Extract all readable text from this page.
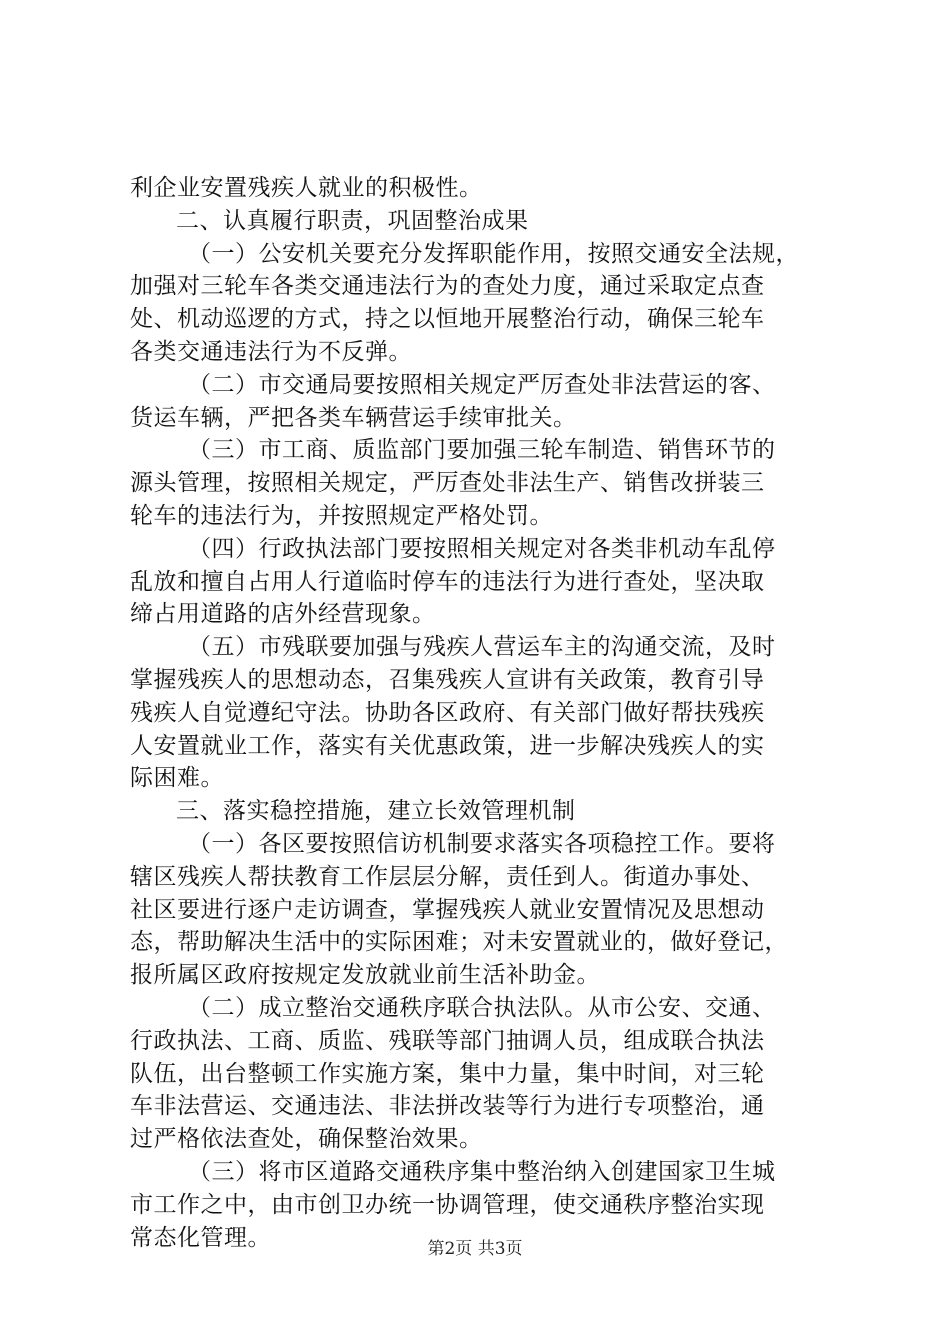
利企业安置残疾人就业的积极性。
二、认真履行职责，巩固整治成果
（一）公安机关要充分发挥职能作用，按照交通安全法规，
加强对三轮车各类交通违法行为的查处力度，通过采取定点查
处、机动巡逻的方式，持之以恒地开展整治行动，确保三轮车
各类交通违法行为不反弹。
（二）市交通局要按照相关规定严厉查处非法营运的客、
货运车辆，严把各类车辆营运手续审批关。
（三）市工商、质监部门要加强三轮车制造、销售环节的
源头管理，按照相关规定，严厉查处非法生产、销售改拼装三
轮车的违法行为，并按照规定严格处罚。
（四）行政执法部门要按照相关规定对各类非机动车乱停
乱放和擅自占用人行道临时停车的违法行为进行查处，坚决取
缔占用道路的店外经营现象。
（五）市残联要加强与残疾人营运车主的沟通交流，及时
掌握残疾人的思想动态，召集残疾人宣讲有关政策，教育引导
残疾人自觉遵纪守法。协助各区政府、有关部门做好帮扶残疾
人安置就业工作，落实有关优惠政策，进一步解决残疾人的实
际困难。
三、落实稳控措施，建立长效管理机制
（一）各区要按照信访机制要求落实各项稳控工作。要将
辖区残疾人帮扶教育工作层层分解，责任到人。街道办事处、
社区要进行逐户走访调查，掌握残疾人就业安置情况及思想动
态，帮助解决生活中的实际困难；对未安置就业的，做好登记，
报所属区政府按规定发放就业前生活补助金。
（二）成立整治交通秩序联合执法队。从市公安、交通、
行政执法、工商、质监、残联等部门抽调人员，组成联合执法
队伍，出台整顿工作实施方案，集中力量，集中时间，对三轮
车非法营运、交通违法、非法拼改装等行为进行专项整治，通
过严格依法查处，确保整治效果。
（三）将市区道路交通秩序集中整治纳入创建国家卫生城
市工作之中，由市创卫办统一协调管理，使交通秩序整治实现
常态化管理。	第2页 共3页
